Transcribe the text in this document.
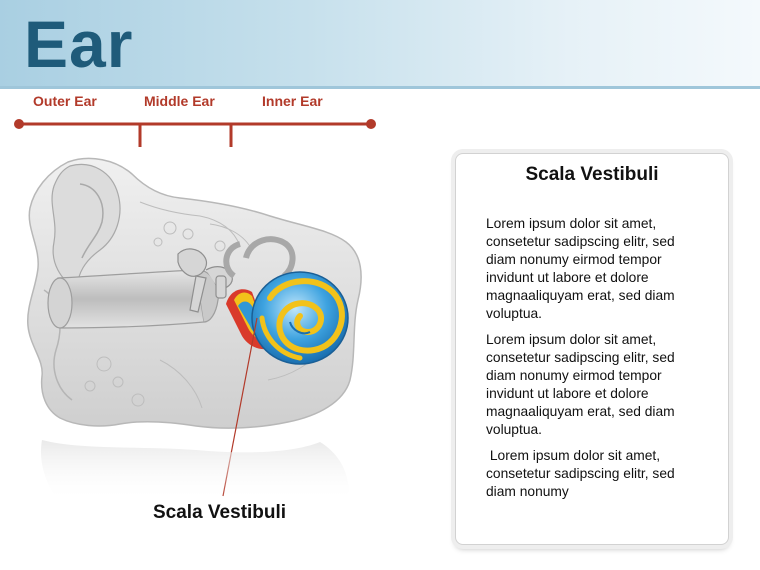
Ear
Outer Ear	Middle Ear	Inner Ear
Scala Vestibuli
Scala Vestibuli

Lorem ipsum dolor sit amet, consetetur sadipscing elitr, sed diam nonumy eirmod tempor invidunt ut labore et dolore magnaaliquyam erat, sed diam voluptua.

Lorem ipsum dolor sit amet, consetetur sadipscing elitr, sed diam nonumy eirmod tempor invidunt ut labore et dolore magnaaliquyam erat, sed diam voluptua.

Lorem ipsum dolor sit amet, consetetur sadipscing elitr, sed diam nonumy
